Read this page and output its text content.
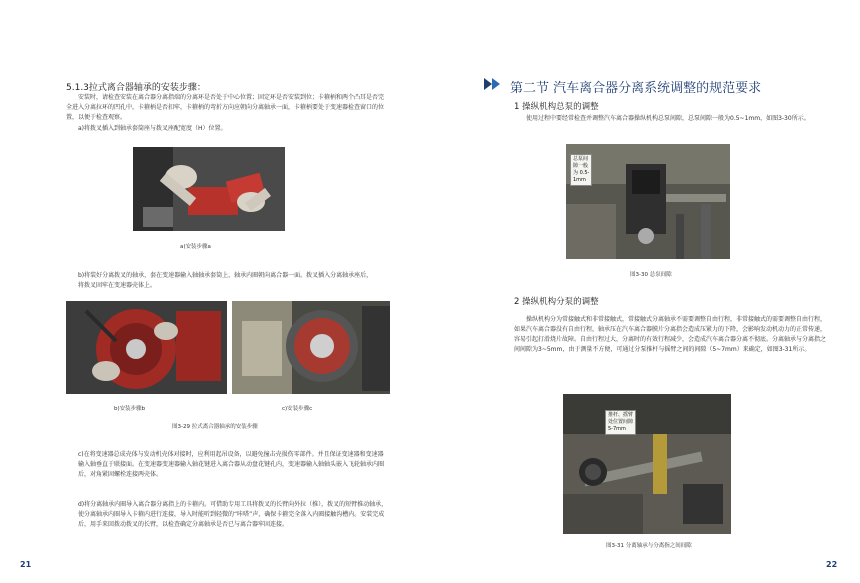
5.1.3拉式离合器轴承的安装步骤：
安装时，请检查安装在离合器分离指端的分离环是否处于中心位置；固定环是否安装到位；卡箍柄和两个凸耳是否完全进入分离拉环的凹孔中，卡箍柄是否扣牢，卡箍柄的弯折方向应朝向分离轴承一面，卡箍柄要处于变速器检查窗口的位置，以便于检查观察。
a)将拨叉插入到轴承套筒座与拨叉座配宽度（H）位置。
a)安装步骤a
b)将装好分离拨叉的轴承，套在变速器输入轴轴承套筒上，轴承内圈朝向离合器一面。拨叉插入分离轴承座后，将拨叉固牢在变速器壳体上。
b)安装步骤b	c)安装步骤c
图3-29 拉式离合器轴承的安装步骤
c)在将变速器总成壳体与发动机壳体对接时，应利用起吊设备，以避免撞击壳损伤零部件。并且保证变速器和变速器输入轴垂直于联接面。在变速器变速器输入轴花键进入离合器从动盘花键孔内，变速器输入轴轴头嵌入飞轮轴承内圈后，对角紧固螺栓连接两壳体。
d)将分离轴承内圈导入离合器分离指上的卡箍内。可借助专用工具将拨叉的长臂向外拉（推），拨叉的短臂推动轴承，使分离轴承内圈导入卡箍内进行连接，导入时能听到轻微的“咔嗒”声，确保卡箍完全落入内圈接触沟槽内。安装完成后，用手来回拨动拨叉的长臂，以检查确定分离轴承是否已与离合器牢固连接。
21
第二节 汽车离合器分离系统调整的规范要求
1 操纵机构总泵的调整
使用过程中要经常检查并调整汽车离合器操纵机构总泵间隙，总泵间隙一般为0.5~1mm，如图3-30所示。
总泵间
隙一般
为 0.5-
1mm
图3-30 总泵间隙
2 操纵机构分泵的调整
操纵机构分为常接触式和非常接触式，常接触式分离轴承不需要调整自由行程，非常接触式的需要调整自由行程，如果汽车离合器没有自由行程，轴承压在汽车离合器膜片分离指会造成压紧力的下降，会影响发动机动力的正常传递，容易引起打滑烧片故障。自由行程过大，分离时的有效行程减少，会造成汽车离合器分离不彻底。分离轴承与分离指之间间隙为3~5mm，由于测量不方便，可通过分泵推杆与摇臂之间的间隙（5~7mm）来确定，如图3-31所示。
推杆、摇臂
处位置间隙
5-7mm
图3-31 分离轴承与分离指之间间隙
22
